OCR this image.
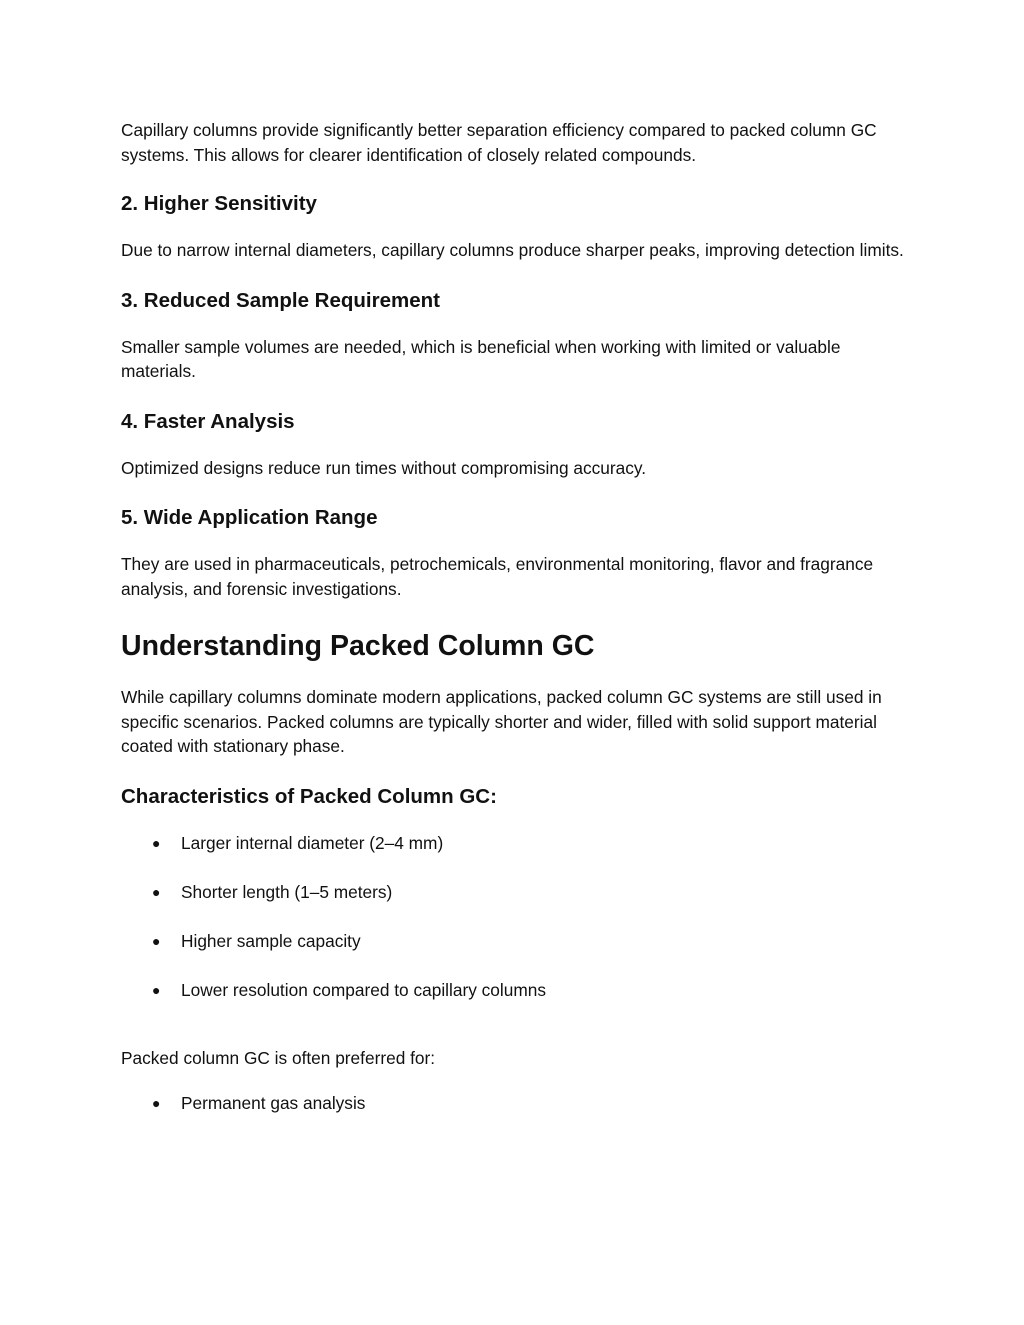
Capillary columns provide significantly better separation efficiency compared to packed column GC systems. This allows for clearer identification of closely related compounds.

2. Higher Sensitivity

Due to narrow internal diameters, capillary columns produce sharper peaks, improving detection limits.

3. Reduced Sample Requirement

Smaller sample volumes are needed, which is beneficial when working with limited or valuable materials.

4. Faster Analysis

Optimized designs reduce run times without compromising accuracy.

5. Wide Application Range

They are used in pharmaceuticals, petrochemicals, environmental monitoring, flavor and fragrance analysis, and forensic investigations.

Understanding Packed Column GC

While capillary columns dominate modern applications, packed column GC systems are still used in specific scenarios. Packed columns are typically shorter and wider, filled with solid support material coated with stationary phase.

Characteristics of Packed Column GC:
● Larger internal diameter (2–4 mm)
● Shorter length (1–5 meters)
● Higher sample capacity
● Lower resolution compared to capillary columns

Packed column GC is often preferred for:

● Permanent gas analysis
